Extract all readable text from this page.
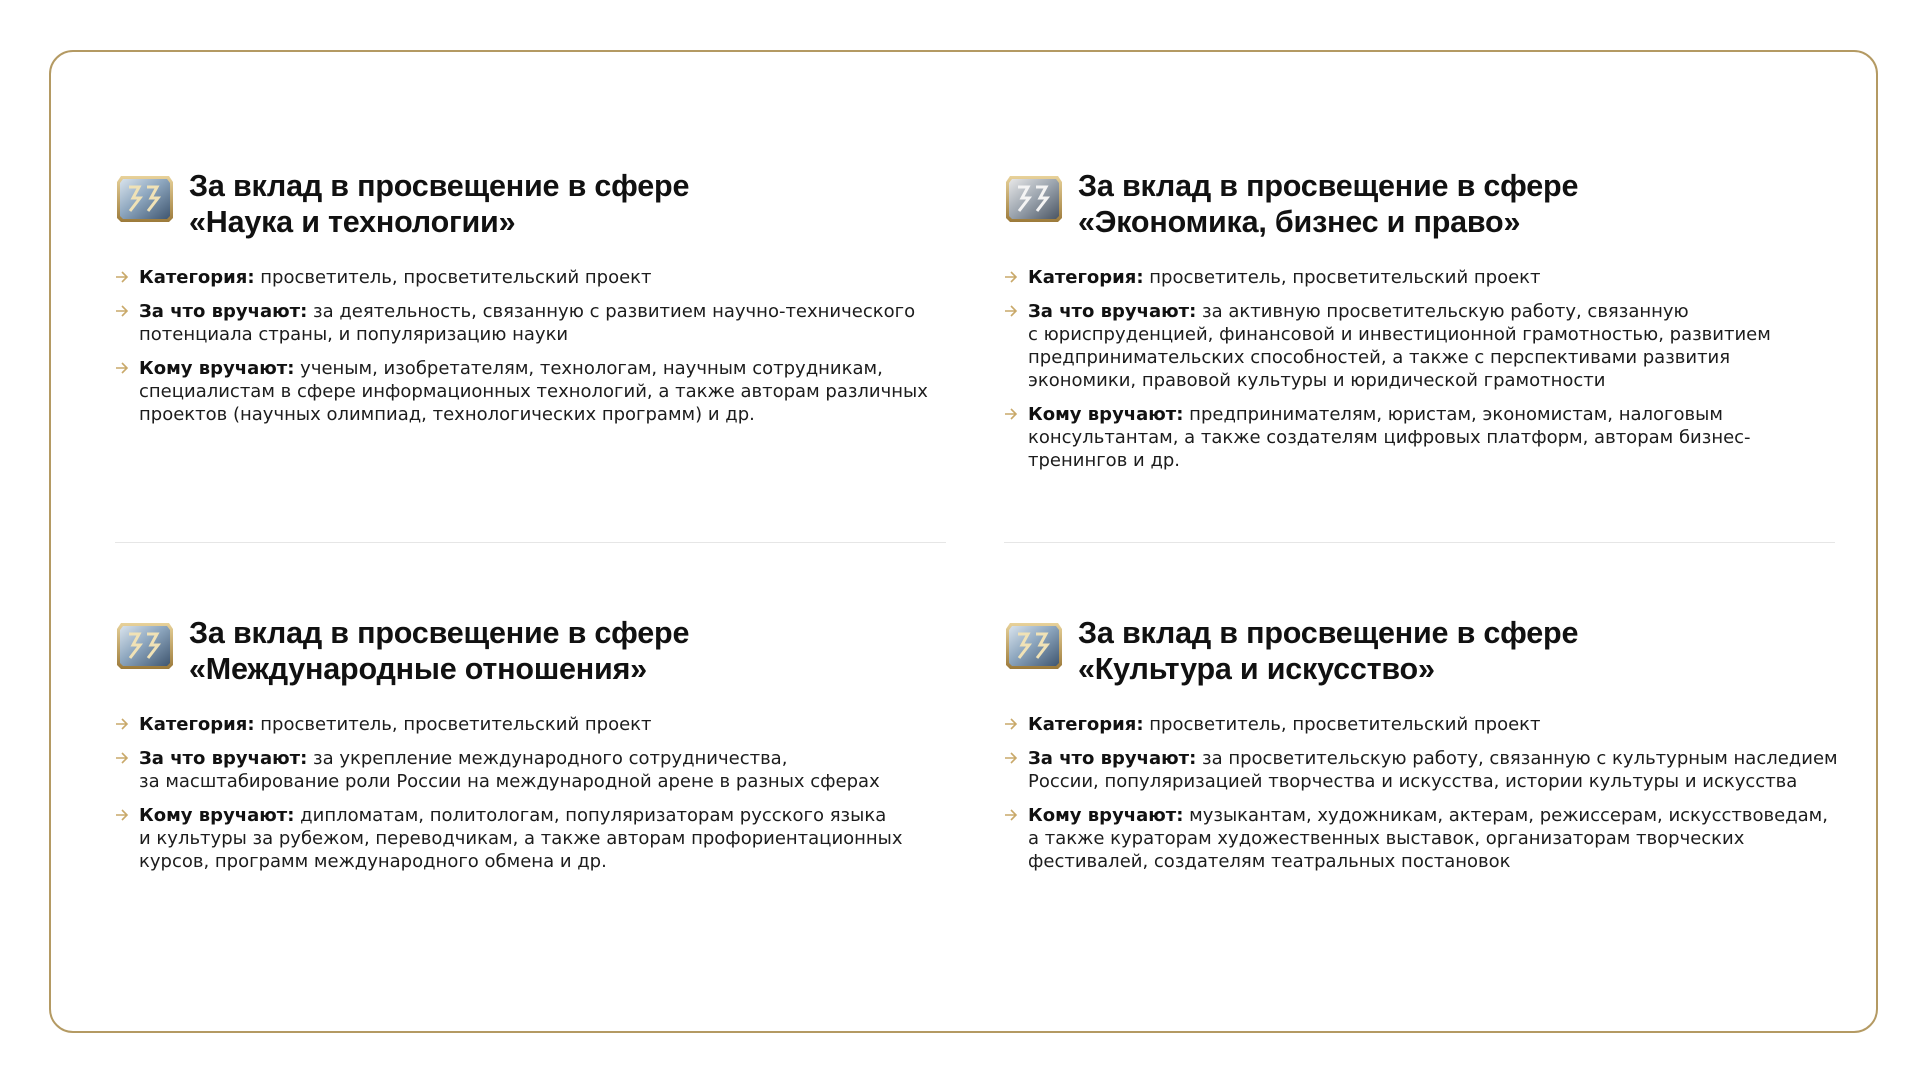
За вклад в просвещение в сфере
«Наука и технологии»
Категория: просветитель, просветительский проект
За что вручают: за деятельность, связанную с развитием научно-технического
потенциала страны, и популяризацию науки
Кому вручают: ученым, изобретателям, технологам, научным сотрудникам,
специалистам в сфере информационных технологий, а также авторам различных
проектов (научных олимпиад, технологических программ) и др.
За вклад в просвещение в сфере
«Экономика, бизнес и право»
Категория: просветитель, просветительский проект
За что вручают: за активную просветительскую работу, связанную
с юриспруденцией, финансовой и инвестиционной грамотностью, развитием
предпринимательских способностей, а также с перспективами развития
экономики, правовой культуры и юридической грамотности
Кому вручают: предпринимателям, юристам, экономистам, налоговым
консультантам, а также создателям цифровых платформ, авторам бизнес-
тренингов и др.
За вклад в просвещение в сфере
«Международные отношения»
Категория: просветитель, просветительский проект
За что вручают: за укрепление международного сотрудничества,
за масштабирование роли России на международной арене в разных сферах
Кому вручают: дипломатам, политологам, популяризаторам русского языка
и культуры за рубежом, переводчикам, а также авторам профориентационных
курсов, программ международного обмена и др.
За вклад в просвещение в сфере
«Культура и искусство»
Категория: просветитель, просветительский проект
За что вручают: за просветительскую работу, связанную с культурным наследием
России, популяризацией творчества и искусства, истории культуры и искусства
Кому вручают: музыкантам, художникам, актерам, режиссерам, искусствоведам,
а также кураторам художественных выставок, организаторам творческих
фестивалей, создателям театральных постановок
